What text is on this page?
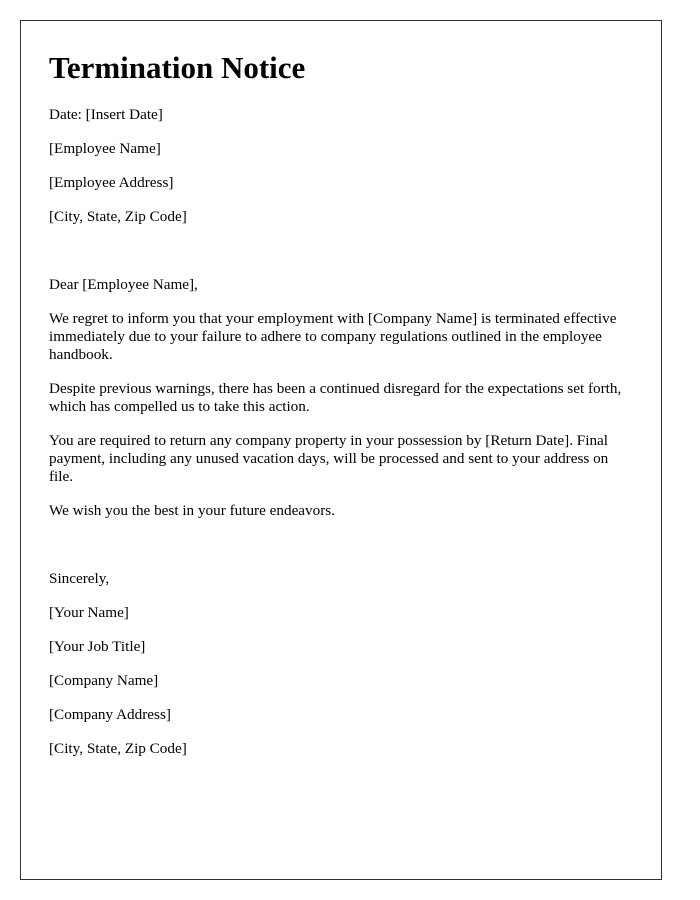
Termination Notice

Date: [Insert Date]

[Employee Name]

[Employee Address]

[City, State, Zip Code]

Dear [Employee Name],

We regret to inform you that your employment with [Company Name] is terminated effective immediately due to your failure to adhere to company regulations outlined in the employee handbook.

Despite previous warnings, there has been a continued disregard for the expectations set forth, which has compelled us to take this action.

You are required to return any company property in your possession by [Return Date]. Final payment, including any unused vacation days, will be processed and sent to your address on file.

We wish you the best in your future endeavors.

Sincerely,

[Your Name]

[Your Job Title]

[Company Name]

[Company Address]

[City, State, Zip Code]
